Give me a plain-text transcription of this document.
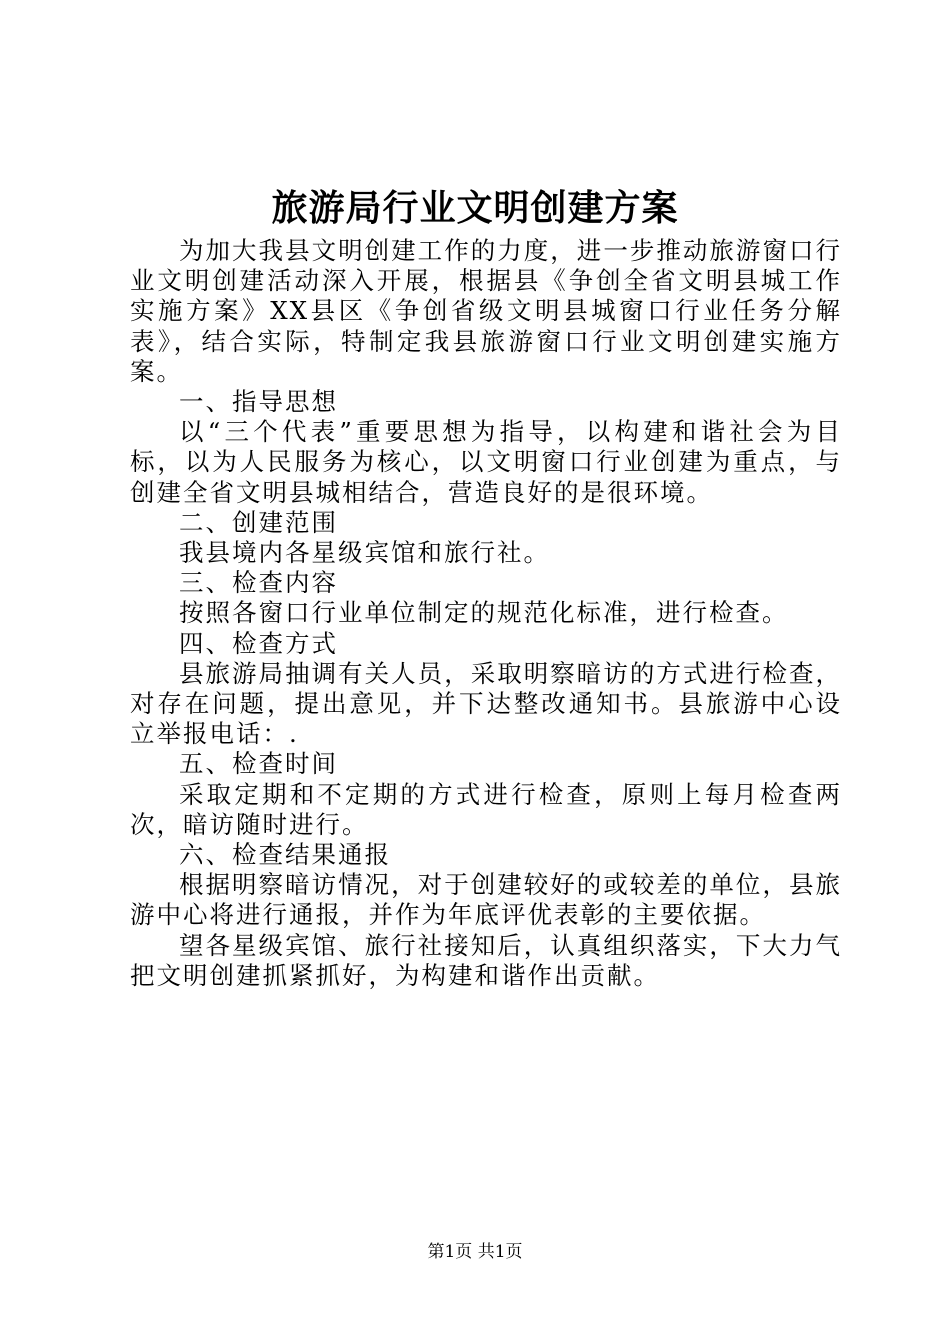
旅游局行业文明创建方案

为加大我县文明创建工作的力度，进一步推动旅游窗口行业文明创建活动深入开展，根据县《争创全省文明县城工作实施方案》XX县区《争创省级文明县城窗口行业任务分解表》，结合实际，特制定我县旅游窗口行业文明创建实施方案。

一、指导思想

以“三个代表”重要思想为指导，以构建和谐社会为目标，以为人民服务为核心，以文明窗口行业创建为重点，与创建全省文明县城相结合，营造良好的是很环境。

二、创建范围

我县境内各星级宾馆和旅行社。

三、检查内容

按照各窗口行业单位制定的规范化标准，进行检查。

四、检查方式

县旅游局抽调有关人员，采取明察暗访的方式进行检查，对存在问题，提出意见，并下达整改通知书。县旅游中心设立举报电话：.

五、检查时间

采取定期和不定期的方式进行检查，原则上每月检查两次，暗访随时进行。

六、检查结果通报

根据明察暗访情况，对于创建较好的或较差的单位，县旅游中心将进行通报，并作为年底评优表彰的主要依据。

望各星级宾馆、旅行社接知后，认真组织落实，下大力气把文明创建抓紧抓好，为构建和谐作出贡献。

第1页 共1页
